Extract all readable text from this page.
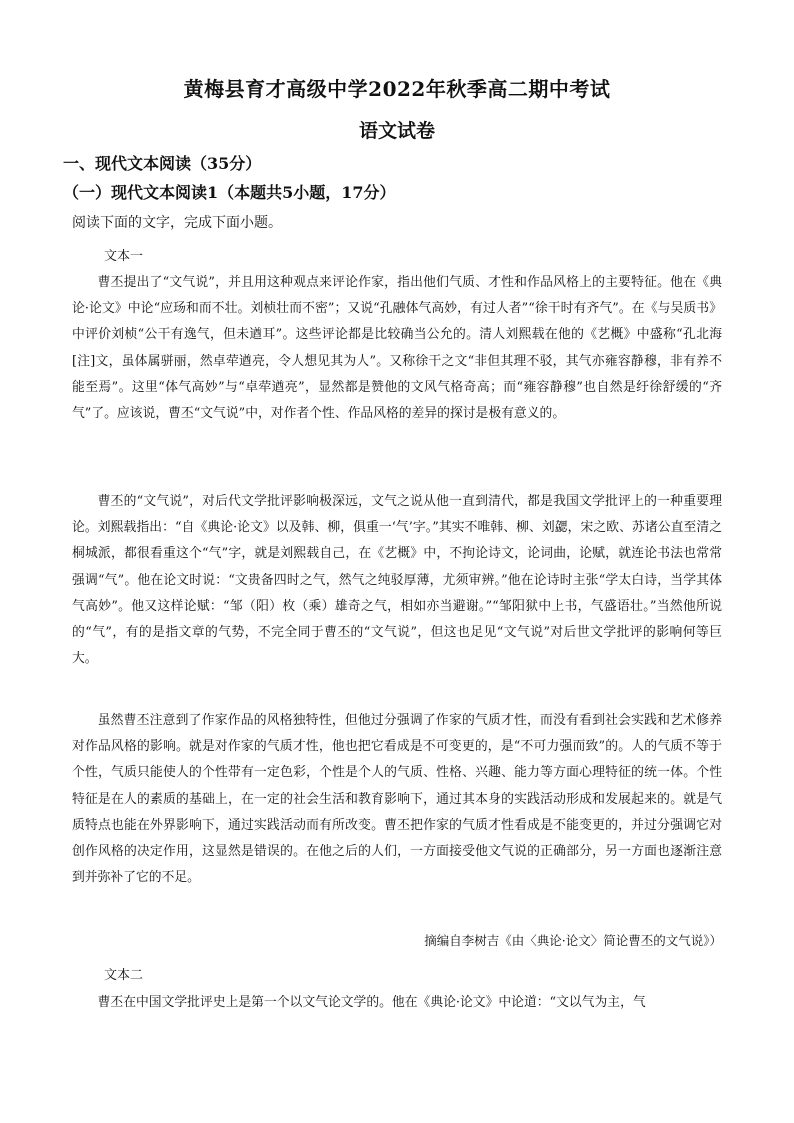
黄梅县育才高级中学2022年秋季高二期中考试
语文试卷
一、现代文本阅读（35分）
（一）现代文本阅读1（本题共5小题，17分）
阅读下面的文字，完成下面小题。
文本一

曹丕提出了“文气说”，并且用这种观点来评论作家，指出他们气质、才性和作品风格上的主要特征。他在《典论·论文》中论“应玚和而不壮。刘桢壮而不密”；又说“孔融体气高妙，有过人者”“徐干时有齐气”。在《与吴质书》中评价刘桢“公干有逸气，但未遒耳”。这些评论都是比较确当公允的。清人刘熙载在他的《艺概》中盛称“孔北海[注]文，虽体属骈丽，然卓荦遒亮，令人想见其为人”。又称徐干之文“非但其理不驳，其气亦雍容静穆，非有养不能至焉”。这里“体气高妙”与“卓荦遒亮”，显然都是赞他的文风气格奇高；而“雍容静穆”也自然是纡徐舒缓的“齐气”了。应该说，曹丕“文气说”中，对作者个性、作品风格的差异的探讨是极有意义的。

曹丕的“文气说”，对后代文学批评影响极深远，文气之说从他一直到清代，都是我国文学批评上的一种重要理论。刘熙载指出：“自《典论·论文》以及韩、柳，俱重一‘气’字。”其实不唯韩、柳、刘勰，宋之欧、苏诸公直至清之桐城派，都很看重这个“气”字，就是刘熙载自己，在《艺概》中，不拘论诗文，论词曲，论赋，就连论书法也常常强调“气”。他在论文时说：“文贵备四时之气，然气之纯驳厚薄，尤须审辨。”他在论诗时主张“学太白诗，当学其体气高妙”。他又这样论赋：“邹（阳）枚（乘）雄奇之气，相如亦当避谢。”“邹阳狱中上书，气盛语壮。”当然他所说的“气”，有的是指文章的气势，不完全同于曹丕的“文气说”，但这也足见“文气说”对后世文学批评的影响何等巨大。

虽然曹丕注意到了作家作品的风格独特性，但他过分强调了作家的气质才性，而没有看到社会实践和艺术修养对作品风格的影响。就是对作家的气质才性，他也把它看成是不可变更的，是“不可力强而致”的。人的气质不等于个性，气质只能使人的个性带有一定色彩，个性是个人的气质、性格、兴趣、能力等方面心理特征的统一体。个性特征是在人的素质的基础上，在一定的社会生活和教育影响下，通过其本身的实践活动形成和发展起来的。就是气质特点也能在外界影响下，通过实践活动而有所改变。曹丕把作家的气质才性看成是不能变更的，并过分强调它对创作风格的决定作用，这显然是错误的。在他之后的人们，一方面接受他文气说的正确部分，另一方面也逐渐注意到并弥补了它的不足。

摘编自李树吉《由〈典论·论文〉简论曹丕的文气说》）
文本二

曹丕在中国文学批评史上是第一个以文气论文学的。他在《典论·论文》中论道：“文以气为主，气
